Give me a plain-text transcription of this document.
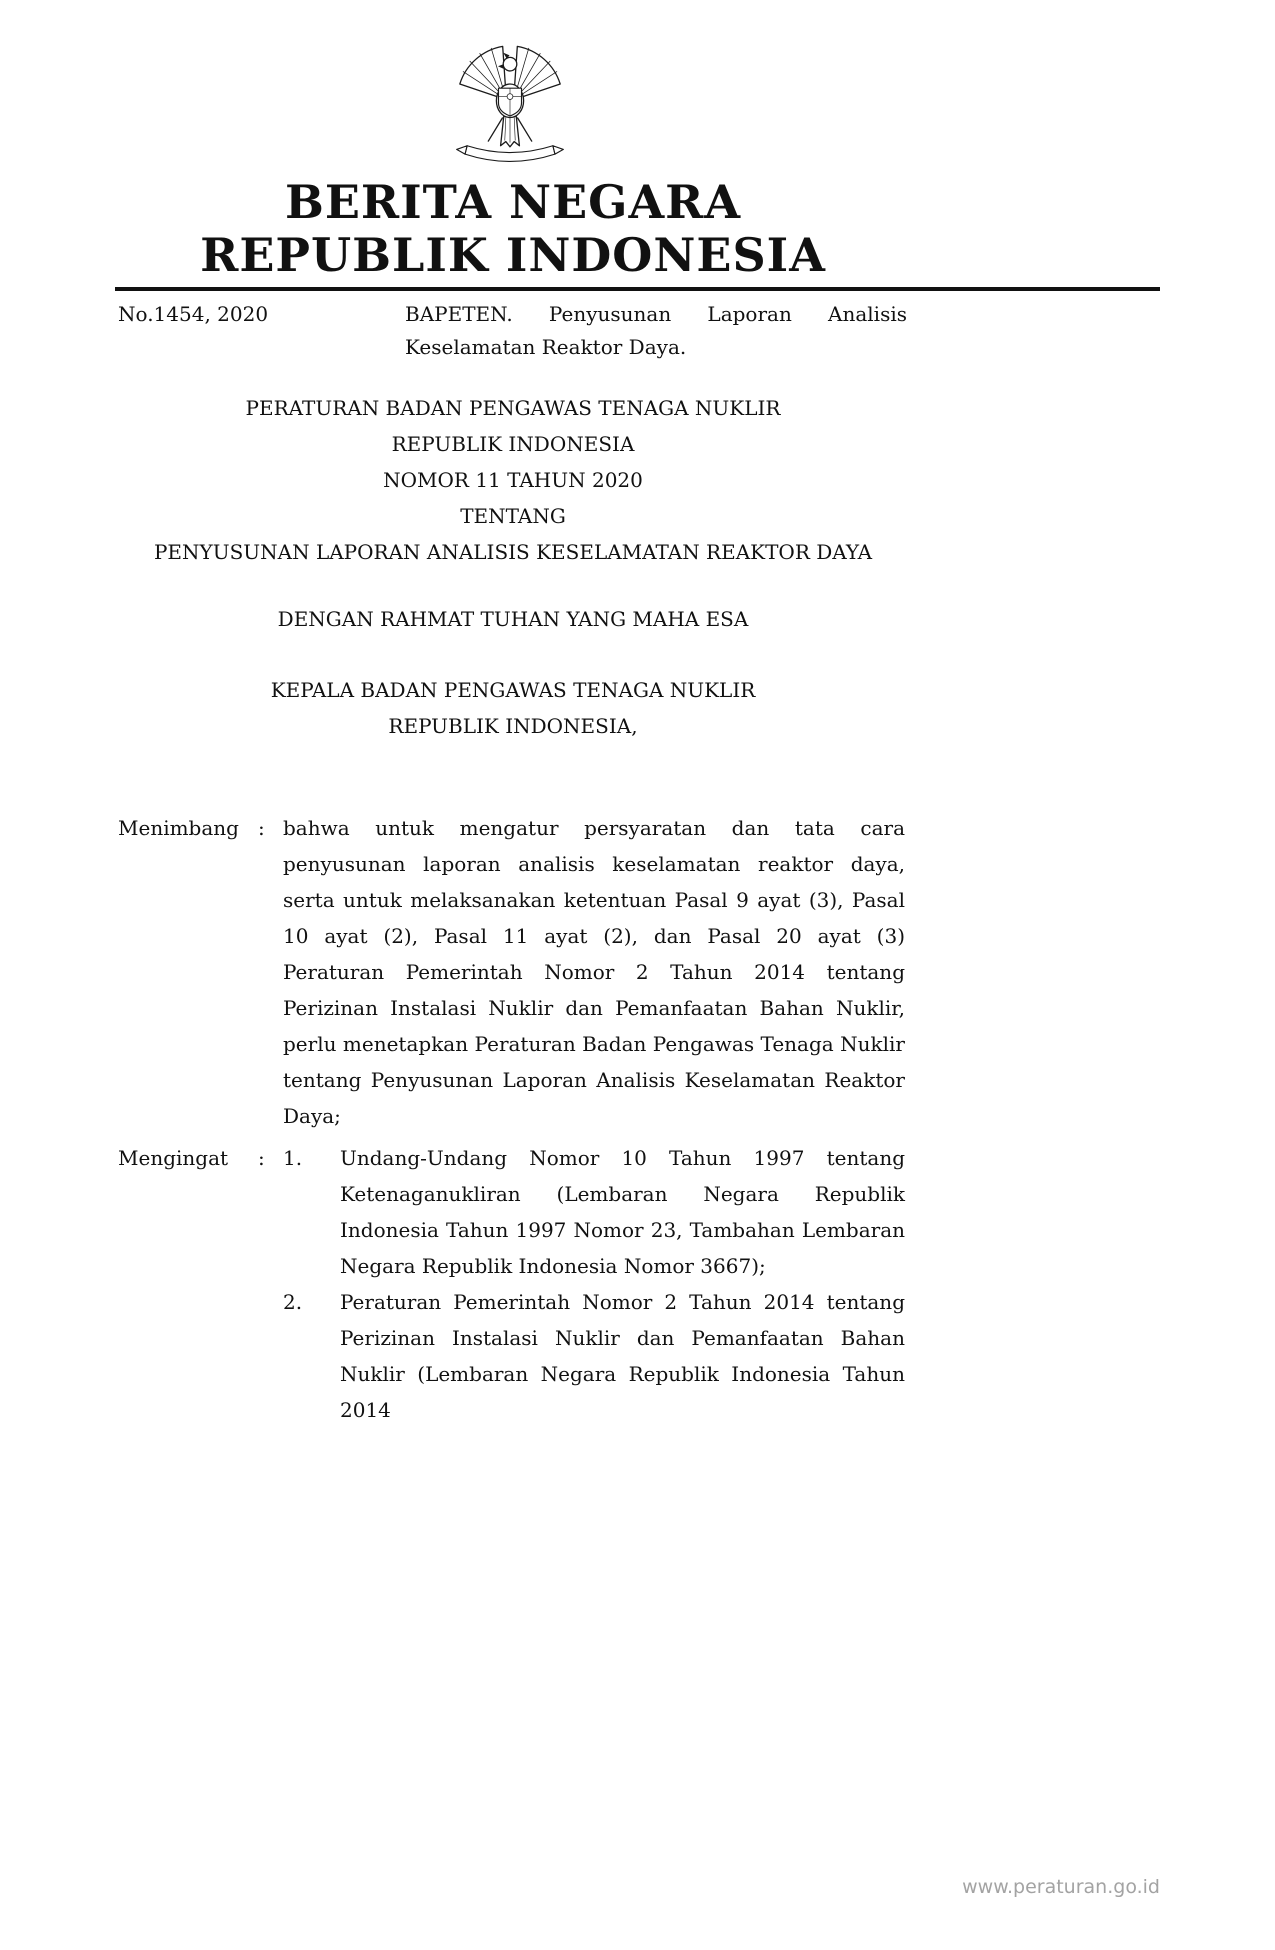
BERITA NEGARA
REPUBLIK INDONESIA
No.1454, 2020	BAPETEN. Penyusunan Laporan Analisis
Keselamatan Reaktor Daya.
PERATURAN BADAN PENGAWAS TENAGA NUKLIR
REPUBLIK INDONESIA
NOMOR 11 TAHUN 2020
TENTANG
PENYUSUNAN LAPORAN ANALISIS KESELAMATAN REAKTOR DAYA
DENGAN RAHMAT TUHAN YANG MAHA ESA
KEPALA BADAN PENGAWAS TENAGA NUKLIR
REPUBLIK INDONESIA,
Menimbang : bahwa untuk mengatur persyaratan dan tata cara penyusunan laporan analisis keselamatan reaktor daya, serta untuk melaksanakan ketentuan Pasal 9 ayat (3), Pasal 10 ayat (2), Pasal 11 ayat (2), dan Pasal 20 ayat (3) Peraturan Pemerintah Nomor 2 Tahun 2014 tentang Perizinan Instalasi Nuklir dan Pemanfaatan Bahan Nuklir, perlu menetapkan Peraturan Badan Pengawas Tenaga Nuklir tentang Penyusunan Laporan Analisis Keselamatan Reaktor Daya;
Mengingat	: 1.	Undang-Undang Nomor 10 Tahun 1997 tentang Ketenaganukliran (Lembaran Negara Republik Indonesia Tahun 1997 Nomor 23, Tambahan Lembaran Negara Republik Indonesia Nomor 3667);
2.	Peraturan Pemerintah Nomor 2 Tahun 2014 tentang Perizinan Instalasi Nuklir dan Pemanfaatan Bahan Nuklir (Lembaran Negara Republik Indonesia Tahun 2014
www.peraturan.go.id
